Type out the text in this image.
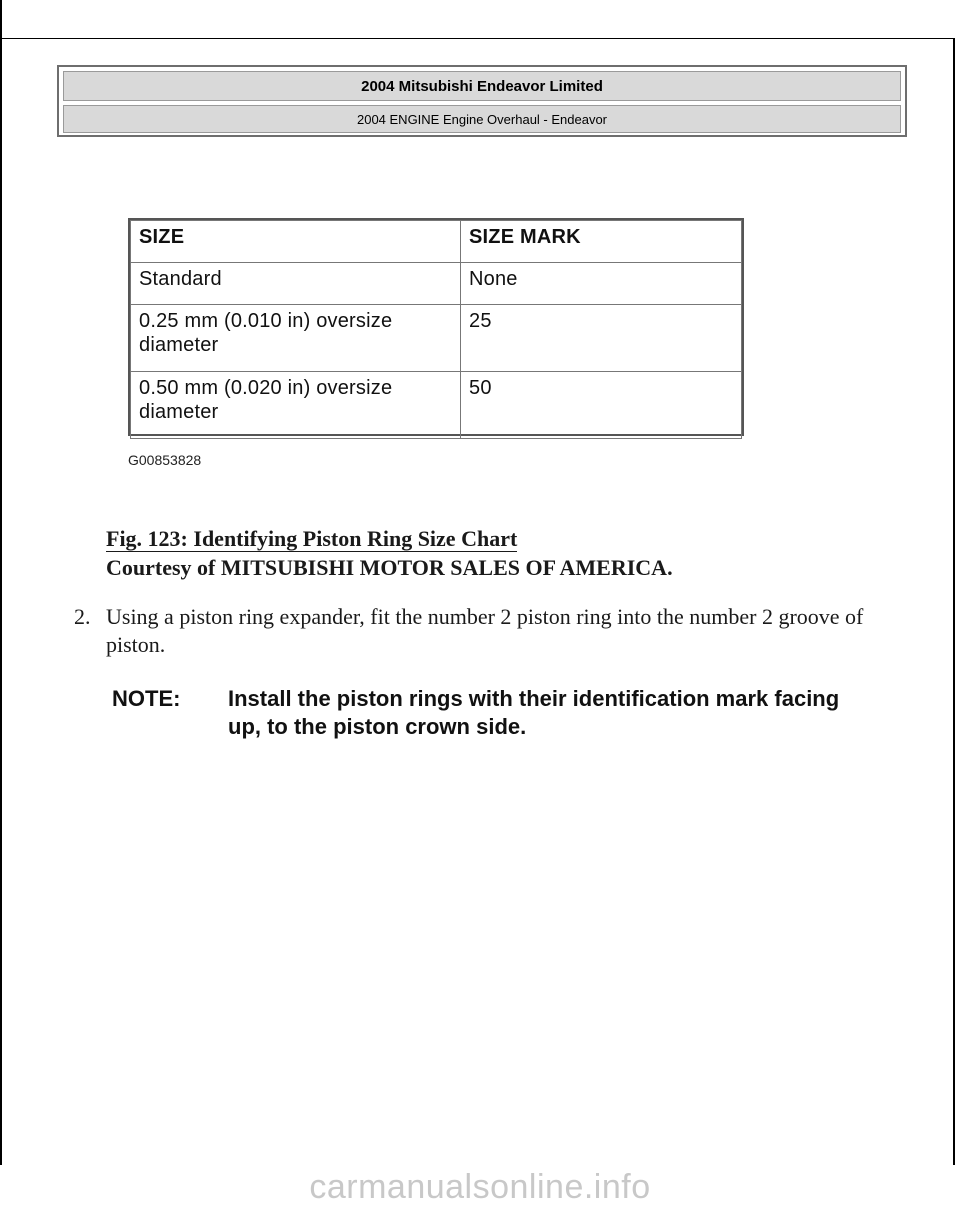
2004 Mitsubishi Endeavor Limited
2004 ENGINE Engine Overhaul - Endeavor
SIZE	SIZE MARK
Standard	None
0.25 mm (0.010 in) oversize diameter	25
0.50 mm (0.020 in) oversize diameter	50
G00853828
Fig. 123: Identifying Piston Ring Size Chart
Courtesy of MITSUBISHI MOTOR SALES OF AMERICA.
2. Using a piston ring expander, fit the number 2 piston ring into the number 2 groove of piston.
NOTE: Install the piston rings with their identification mark facing up, to the piston crown side.
carmanualsonline.info
